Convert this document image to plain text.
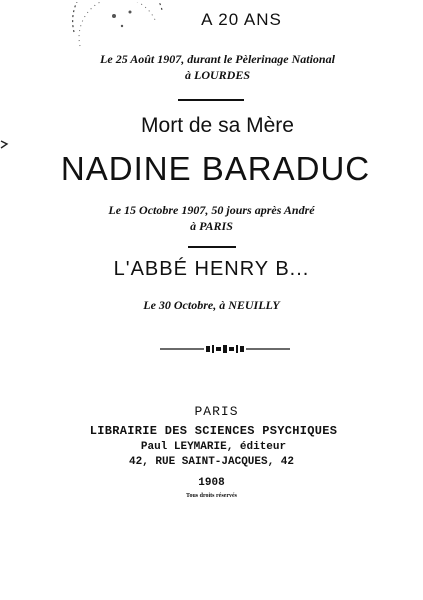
A 20 ANS
Le 25 Août 1907, durant le Pèlerinage National
à LOURDES
Mort de sa Mère
NADINE BARADUC
Le 15 Octobre 1907, 50 jours après André
à PARIS
L'ABBÉ HENRY B...
Le 30 Octobre, à NEUILLY
PARIS
LIBRAIRIE DES SCIENCES PSYCHIQUES
Paul LEYMARIE, éditeur
42, RUE SAINT-JACQUES, 42
1908
Tous droits réservés
